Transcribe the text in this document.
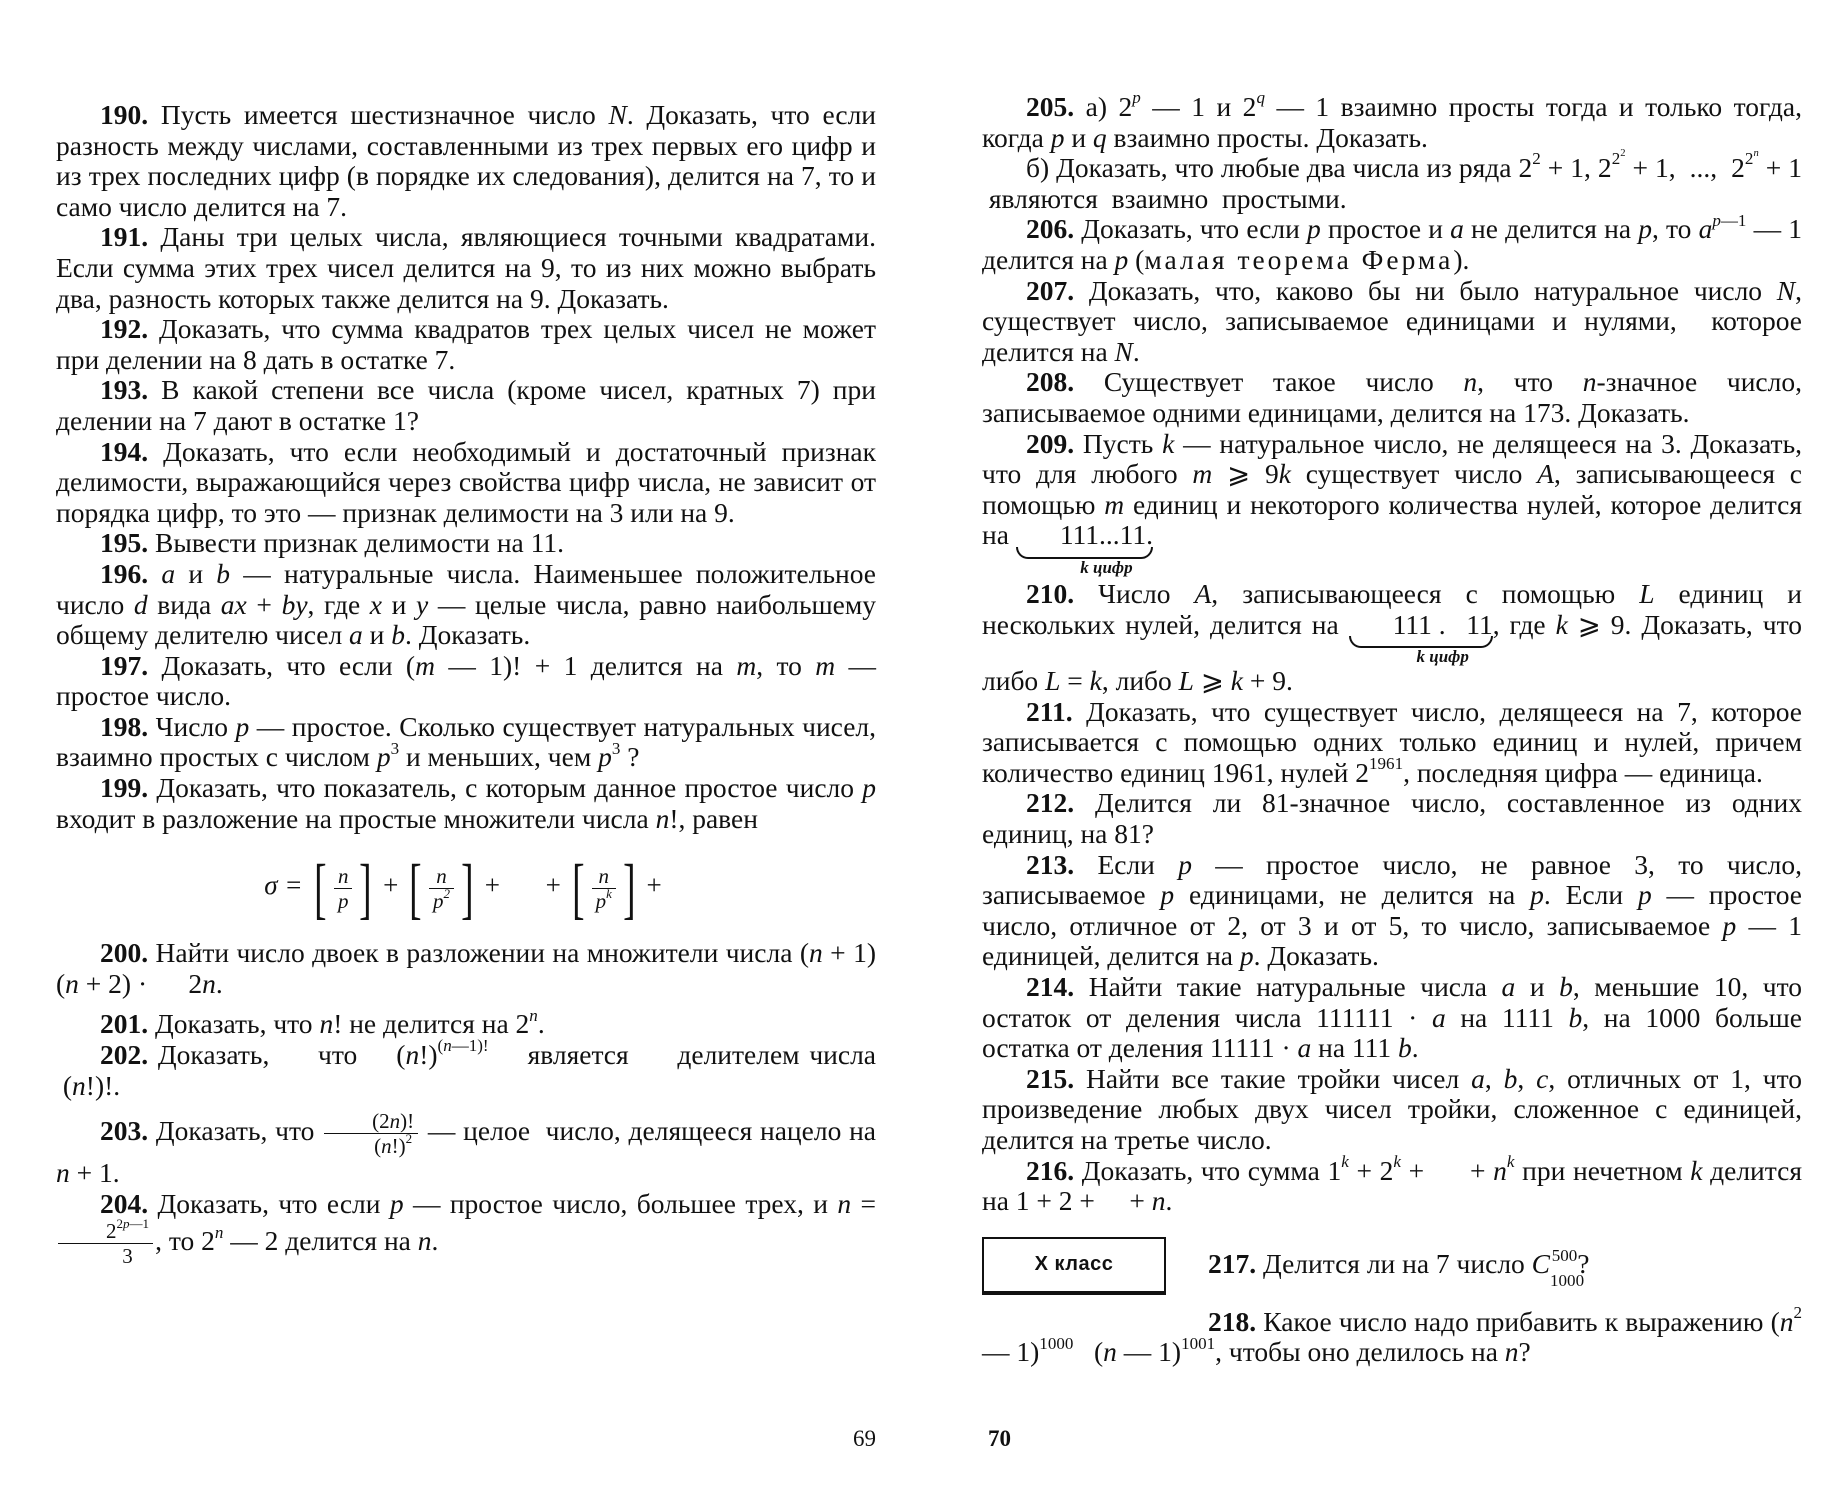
190. Пусть имеется шестизначное число N. Доказать, что если разность между числами, составленными из трех первых его цифр и из трех последних цифр (в порядке их следования), делится на 7, то и само число делится на 7.

191. Даны три целых числа, являющиеся точными квадратами. Если сумма этих трех чисел делится на 9, то из них можно выбрать два, разность которых также делится на 9. Доказать.

192. Доказать, что сумма квадратов трех целых чисел не может при делении на 8 дать в остатке 7.

193. В какой степени все числа (кроме чисел, кратных 7) при делении на 7 дают в остатке 1?

194. Доказать, что если необходимый и достаточный признак делимости, выражающийся через свойства цифр числа, не зависит от порядка цифр, то это — признак делимости на 3 или на 9.

195. Вывести признак делимости на 11.

196. a и b — натуральные числа. Наименьшее положительное число d вида ax + by, где x и y — целые числа, равно наибольшему общему делителю чисел a и b. Доказать.

197. Доказать, что если (m — 1)! + 1 делится на m, то m — простое число.

198. Число p — простое. Сколько существует натуральных чисел, взаимно простых с числом $p^3$ и меньших, чем $p^3$ ?

199. Доказать, что показатель, с которым данное простое число p входит в разложение на простые множители числа n!, равен

σ = [ $\frac{n}{p}$ ] + [ $\frac{n}{p^2}$ ] + + [ $\frac{n}{p^k}$ ] +

200. Найти число двоек в разложении на множители числа (n + 1) (n + 2) ·      2n.

201. Доказать, что n! не делится на 2$^n$.

202. Доказать,     что    $(n!)^{(n—1)!}$    является     делителем числа  (n!)!.

203. Доказать, что $\frac{(2n)!}{(n!)^2}$ — целое  число, делящееся нацело на n + 1.

204. Доказать, что если p — простое число, большее трех, и n =
$\frac{2^{2p—1}}{3}$ , то 2$^n$ — 2 делится на n.

69

205. а) 2$^p$ — 1 и 2$^q$ — 1 взаимно просты тогда и только тогда, когда p и q взаимно просты. Доказать.

б) Доказать, что любые два числа из ряда $2^2 + 1$, $2^{2^2} + 1$,  ...,  $2^{2^n} + 1$  являются  взаимно  простыми.

206. Доказать, что если p простое и a не делится на p, то $a^{p—1}$ — 1 делится на p (малая теорема Ферма).

207. Доказать, что, каково бы ни было натуральное число N, существует число, записываемое единицами и нулями,  которое делится на N.

208. Существует такое число n, что n-значное число, записываемое одними единицами, делится на 173. Доказать.

209. Пусть k — натуральное число, не делящееся на 3. Доказать, что для любого m ⩾ 9k существует число A, записывающееся с помощью m единиц и некоторого количества нулей, которое делится на	111...11.
k цифр

210. Число A, записывающееся с помощью L единиц и нескольких нулей, делится на	111 .   11
k цифр
, где k ⩾ 9. Доказать, что либо L = k, либо L ⩾ k + 9.

211. Доказать, что существует число, делящееся на 7, которое записывается с помощью одних только единиц и нулей, причем количество единиц 1961, нулей $2^{1961}$, последняя цифра — единица.

212. Делится ли 81-значное число, составленное из одних единиц, на 81?

213. Если p — простое число, не равное 3, то число, записываемое p единицами, не делится на p. Если p — простое число, отличное от 2, от 3 и от 5, то число, записываемое p — 1 единицей, делится на p. Доказать.

214. Найти такие натуральные числа a и b, меньшие 10, что остаток от деления числа 111111 · a на 1111 b, на 1000 больше остатка от деления 11111 · a на 111 b.

215. Найти все такие тройки чисел a, b, c, отличных от 1, что произведение любых двух чисел тройки, сложенное с единицей, делится на третье число.

216. Доказать, что сумма $1^k + 2^k$ +      + $n^k$ при нечетном k делится на 1 + 2 +     + n.

X класс	217. Делится ли на 7 число $C_{1000}^{500}$?

218. Какое число надо прибавить к выражению ($n^2$ — 1)$^{1000}$   (n — 1)$^{1001}$, чтобы оно делилось на n?

70
